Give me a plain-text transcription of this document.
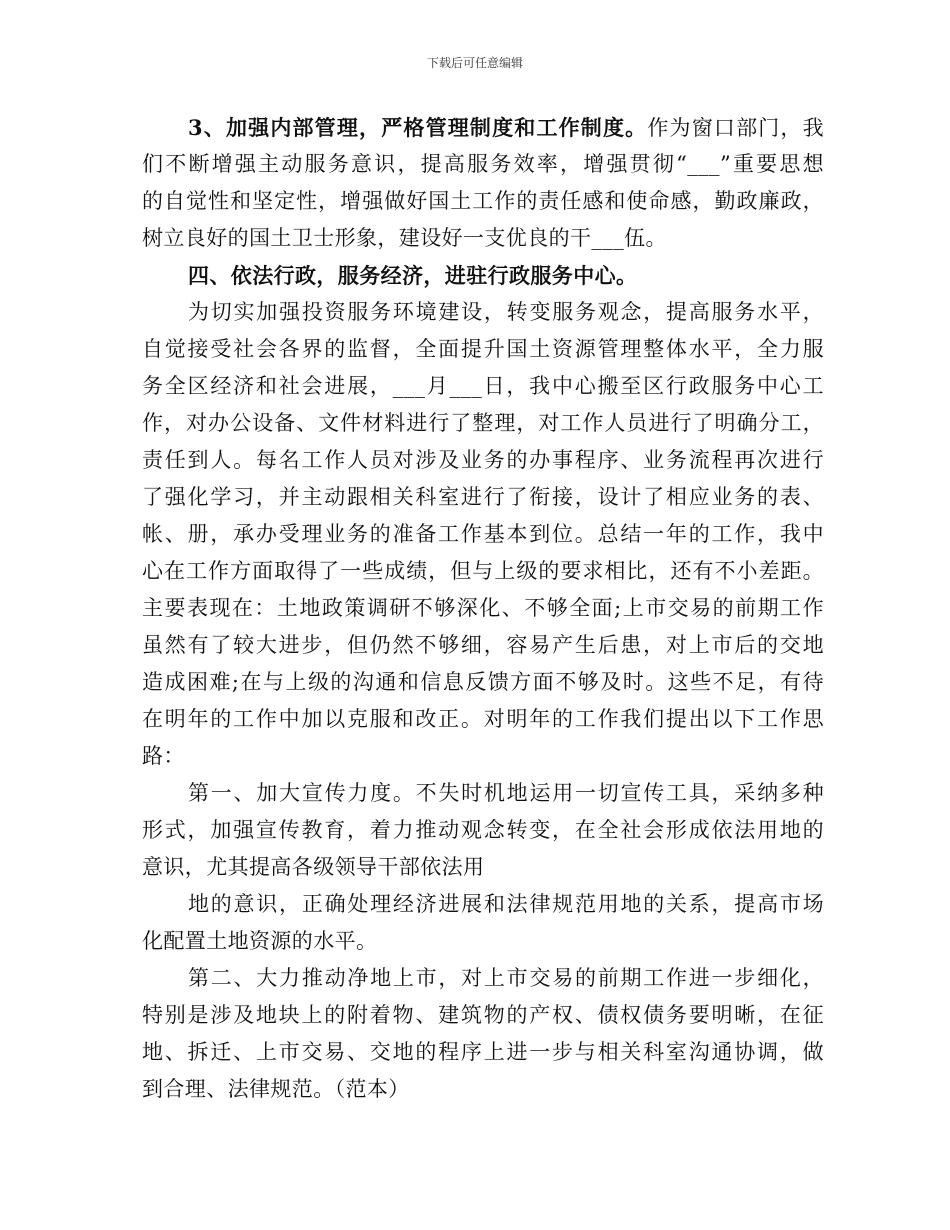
下载后可任意编辑
3、加强内部管理，严格管理制度和工作制度。作为窗口部门，我
们不断增强主动服务意识，提高服务效率，增强贯彻“___”重要思想
的自觉性和坚定性，增强做好国土工作的责任感和使命感，勤政廉政，
树立良好的国土卫士形象，建设好一支优良的干___伍。
四、依法行政，服务经济，进驻行政服务中心。
为切实加强投资服务环境建设，转变服务观念，提高服务水平，
自觉接受社会各界的监督，全面提升国土资源管理整体水平，全力服
务全区经济和社会进展，___月___日，我中心搬至区行政服务中心工
作，对办公设备、文件材料进行了整理，对工作人员进行了明确分工，
责任到人。每名工作人员对涉及业务的办事程序、业务流程再次进行
了强化学习，并主动跟相关科室进行了衔接，设计了相应业务的表、
帐、册，承办受理业务的准备工作基本到位。总结一年的工作，我中
心在工作方面取得了一些成绩，但与上级的要求相比，还有不小差距。
主要表现在：土地政策调研不够深化、不够全面;上市交易的前期工作
虽然有了较大进步，但仍然不够细，容易产生后患，对上市后的交地
造成困难;在与上级的沟通和信息反馈方面不够及时。这些不足，有待
在明年的工作中加以克服和改正。对明年的工作我们提出以下工作思
路：
第一、加大宣传力度。不失时机地运用一切宣传工具，采纳多种
形式，加强宣传教育，着力推动观念转变，在全社会形成依法用地的
意识，尤其提高各级领导干部依法用
地的意识，正确处理经济进展和法律规范用地的关系，提高市场
化配置土地资源的水平。
第二、大力推动净地上市，对上市交易的前期工作进一步细化，
特别是涉及地块上的附着物、建筑物的产权、债权债务要明晰，在征
地、拆迁、上市交易、交地的程序上进一步与相关科室沟通协调，做
到合理、法律规范。（范本）
